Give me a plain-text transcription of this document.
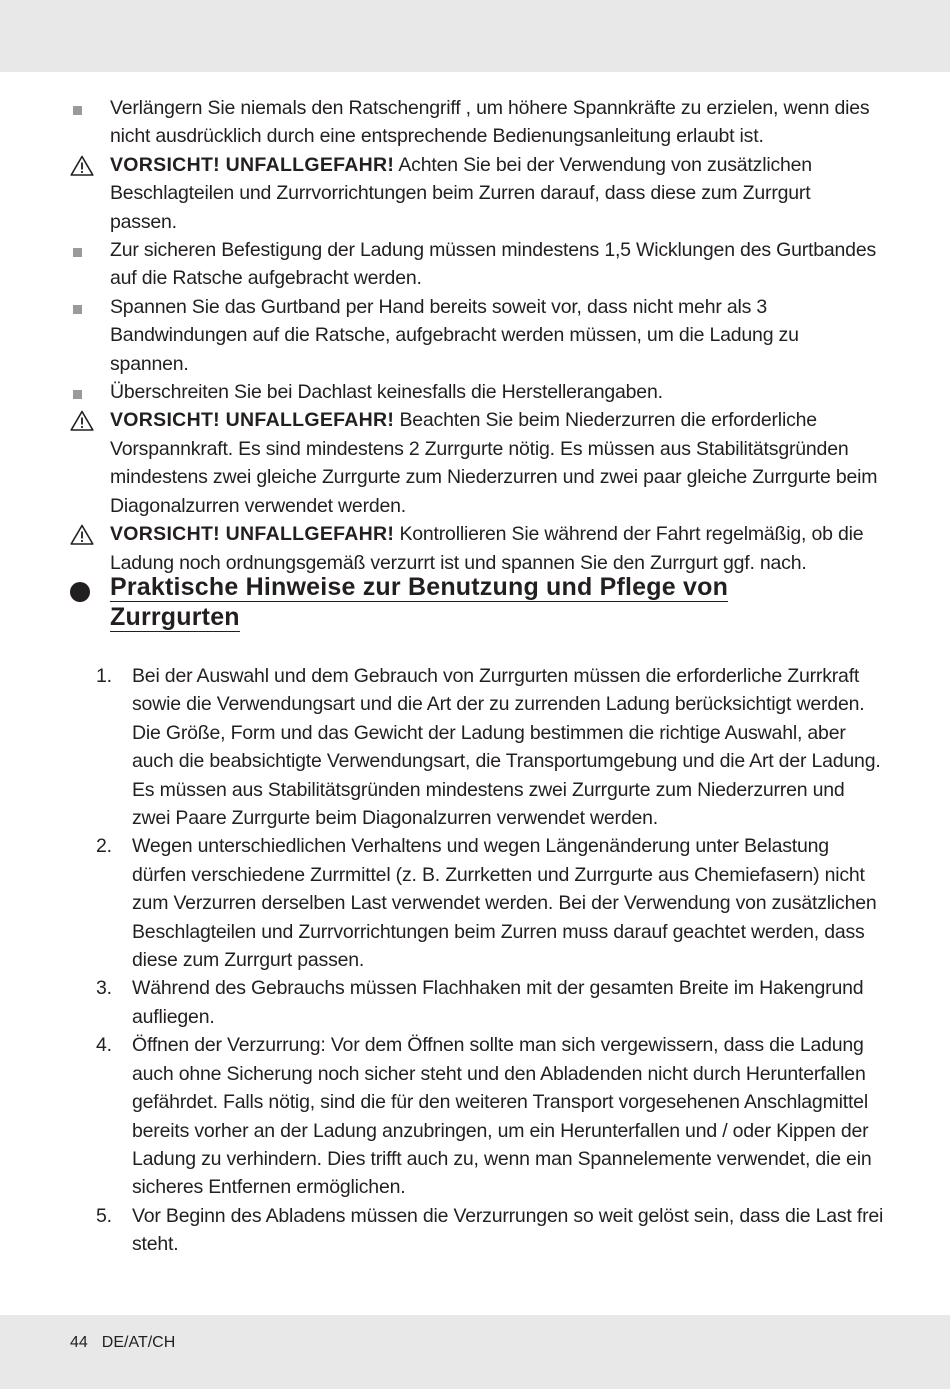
Verlängern Sie niemals den Ratschengriff , um höhere Spannkräfte zu erzielen, wenn dies nicht ausdrücklich durch eine entsprechende Bedienungsanleitung erlaubt ist.
VORSICHT! UNFALLGEFAHR! Achten Sie bei der Verwendung von zusätzlichen Beschlagteilen und Zurrvorrichtungen beim Zurren darauf, dass diese zum Zurrgurt passen.
Zur sicheren Befestigung der Ladung müssen mindestens 1,5 Wicklungen des Gurtbandes auf die Ratsche aufgebracht werden.
Spannen Sie das Gurtband per Hand bereits soweit vor, dass nicht mehr als 3 Bandwindungen auf die Ratsche, aufgebracht werden müssen, um die Ladung zu spannen.
Überschreiten Sie bei Dachlast keinesfalls die Herstellerangaben.
VORSICHT! UNFALLGEFAHR! Beachten Sie beim Niederzurren die erforderliche Vorspannkraft. Es sind mindestens 2 Zurrgurte nötig. Es müssen aus Stabilitätsgründen mindestens zwei gleiche Zurrgurte zum Niederzurren und zwei paar gleiche Zurrgurte beim Diagonalzurren verwendet werden.
VORSICHT! UNFALLGEFAHR! Kontrollieren Sie während der Fahrt regelmäßig, ob die Ladung noch ordnungsgemäß verzurrt ist und spannen Sie den Zurrgurt ggf. nach.
Praktische Hinweise zur Benutzung und Pflege von Zurrgurten
1. Bei der Auswahl und dem Gebrauch von Zurrgurten müssen die erforderliche Zurrkraft sowie die Verwendungsart und die Art der zu zurrenden Ladung berücksichtigt werden. Die Größe, Form und das Gewicht der Ladung bestimmen die richtige Auswahl, aber auch die beabsichtigte Verwendungsart, die Transportumgebung und die Art der Ladung. Es müssen aus Stabilitätsgründen mindestens zwei Zurrgurte zum Niederzurren und zwei Paare Zurrgurte beim Diagonalzurren verwendet werden.
2. Wegen unterschiedlichen Verhaltens und wegen Längenänderung unter Belastung dürfen verschiedene Zurrmittel (z. B. Zurrketten und Zurrgurte aus Chemiefasern) nicht zum Verzurren derselben Last verwendet werden. Bei der Verwendung von zusätzlichen Beschlagteilen und Zurrvorrichtungen beim Zurren muss darauf geachtet werden, dass diese zum Zurrgurt passen.
3. Während des Gebrauchs müssen Flachhaken mit der gesamten Breite im Hakengrund aufliegen.
4. Öffnen der Verzurrung: Vor dem Öffnen sollte man sich vergewissern, dass die Ladung auch ohne Sicherung noch sicher steht und den Abladenden nicht durch Herunterfallen gefährdet. Falls nötig, sind die für den weiteren Transport vorgesehenen Anschlagmittel bereits vorher an der Ladung anzubringen, um ein Herunterfallen und / oder Kippen der Ladung zu verhindern. Dies trifft auch zu, wenn man Spannelemente verwendet, die ein sicheres Entfernen ermöglichen.
5. Vor Beginn des Abladens müssen die Verzurrungen so weit gelöst sein, dass die Last frei steht.
44 DE/AT/CH
